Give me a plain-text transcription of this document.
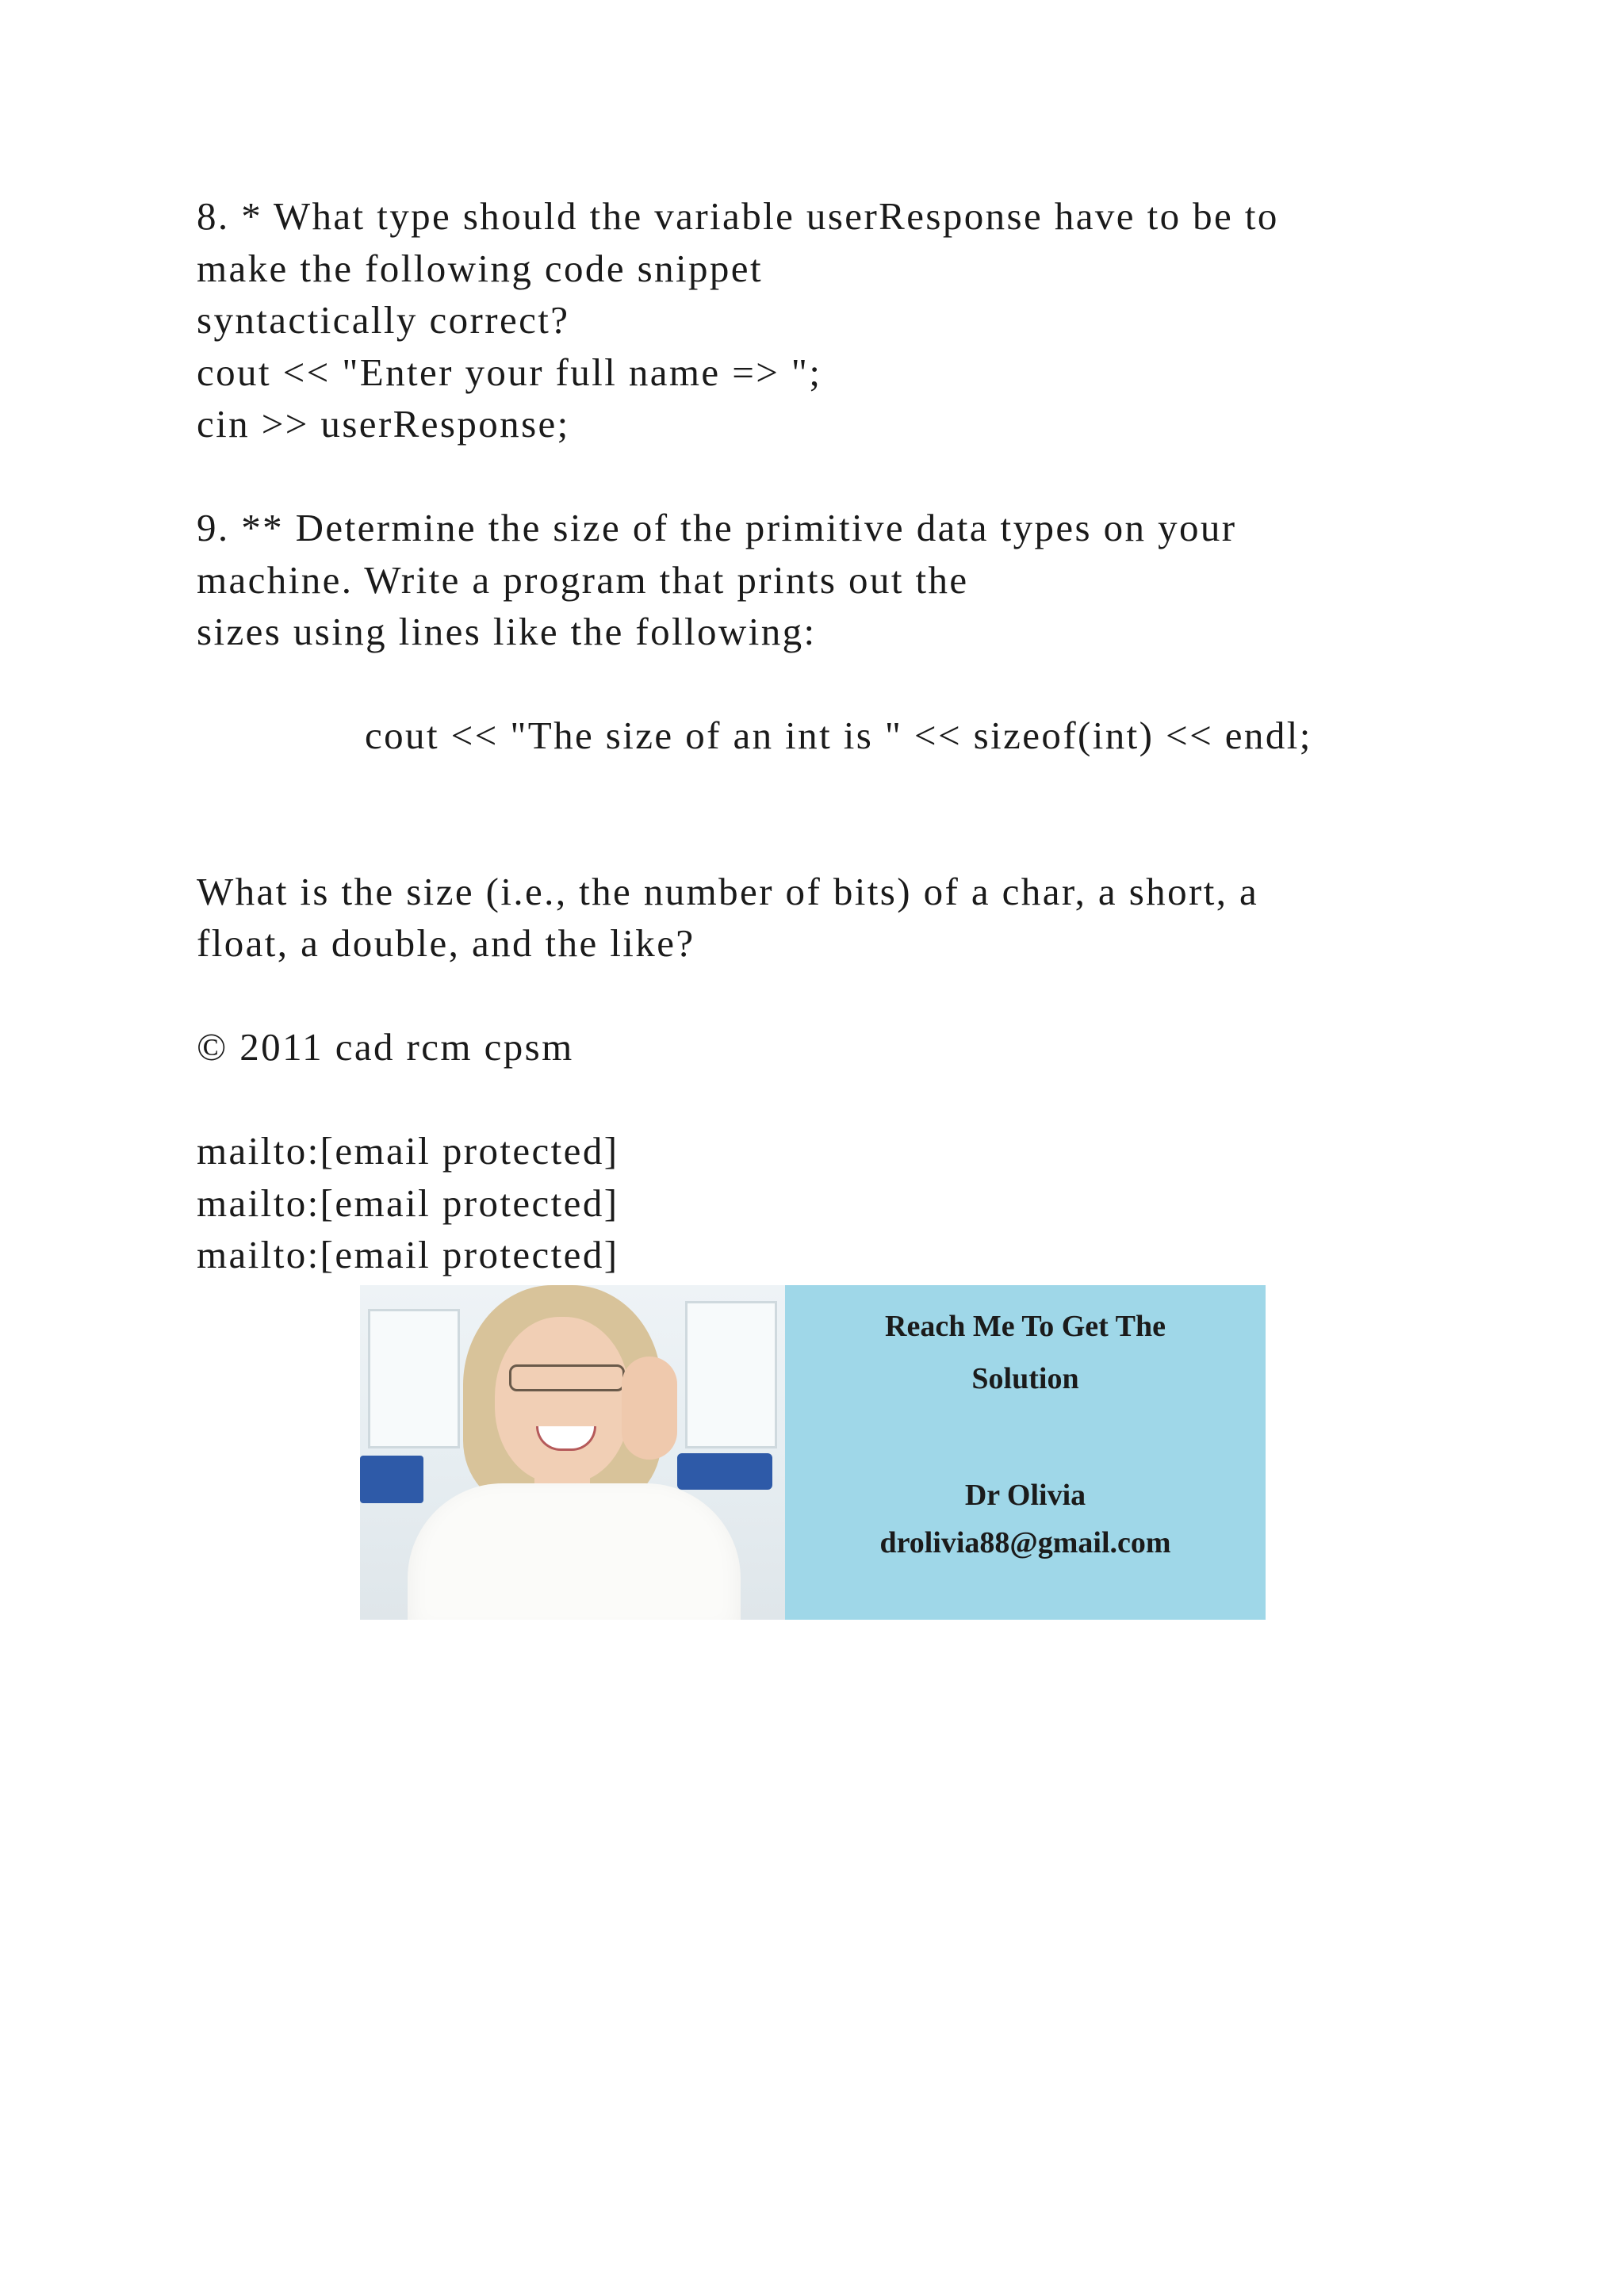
8. * What type should the variable userResponse have to be to
make the following code snippet
syntactically correct?
cout << "Enter your full name => ";
cin >> userResponse;
9. ** Determine the size of the primitive data types on your
machine. Write a program that prints out the
sizes using lines like the following:
cout << "The size of an int is " << sizeof(int) << endl;
What is the size (i.e., the number of bits) of a char, a short, a
float, a double, and the like?
© 2011 cad rcm cpsm
mailto:[email protected]
mailto:[email protected]
mailto:[email protected]
Reach Me To Get The
Solution
Dr Olivia
drolivia88@gmail.com
